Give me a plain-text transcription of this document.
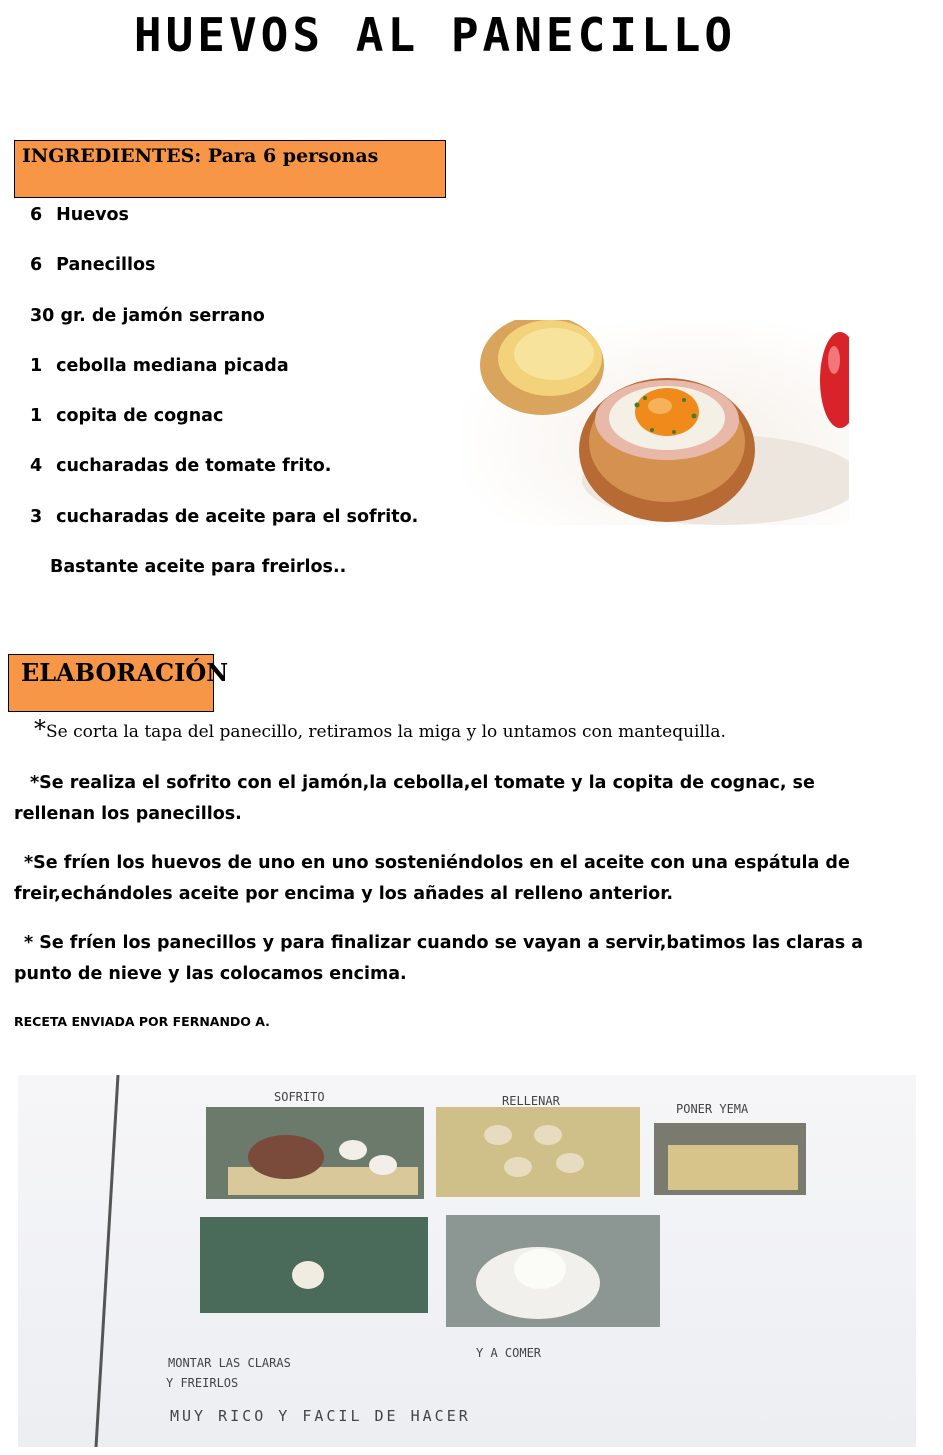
HUEVOS AL PANECILLO
INGREDIENTES: Para 6 personas
6 Huevos
6 Panecillos
30 gr. de jamón serrano
1 cebolla mediana picada
1 copita de cognac
4 cucharadas de tomate frito.
3 cucharadas de aceite para el sofrito.
Bastante aceite para freirlos..
ELABORACIÓN
*Se corta la tapa del panecillo, retiramos la miga y lo untamos con mantequilla.
*Se realiza el sofrito con el jamón,la cebolla,el tomate y la copita de cognac, se rellenan los panecillos.
*Se fríen los huevos de uno en uno sosteniéndolos en el aceite con una espátula de freir,echándoles aceite por encima y los añades al relleno anterior.
* Se fríen los panecillos y para finalizar cuando se vayan a servir,batimos las claras a punto de nieve y las colocamos encima.
RECETA ENVIADA POR FERNANDO A.
SOFRITO	RELLENAR
PONER YEMA
MONTAR LAS CLARAS
Y FREIRLOS
Y A COMER
MUY RICO Y FACIL DE HACER
